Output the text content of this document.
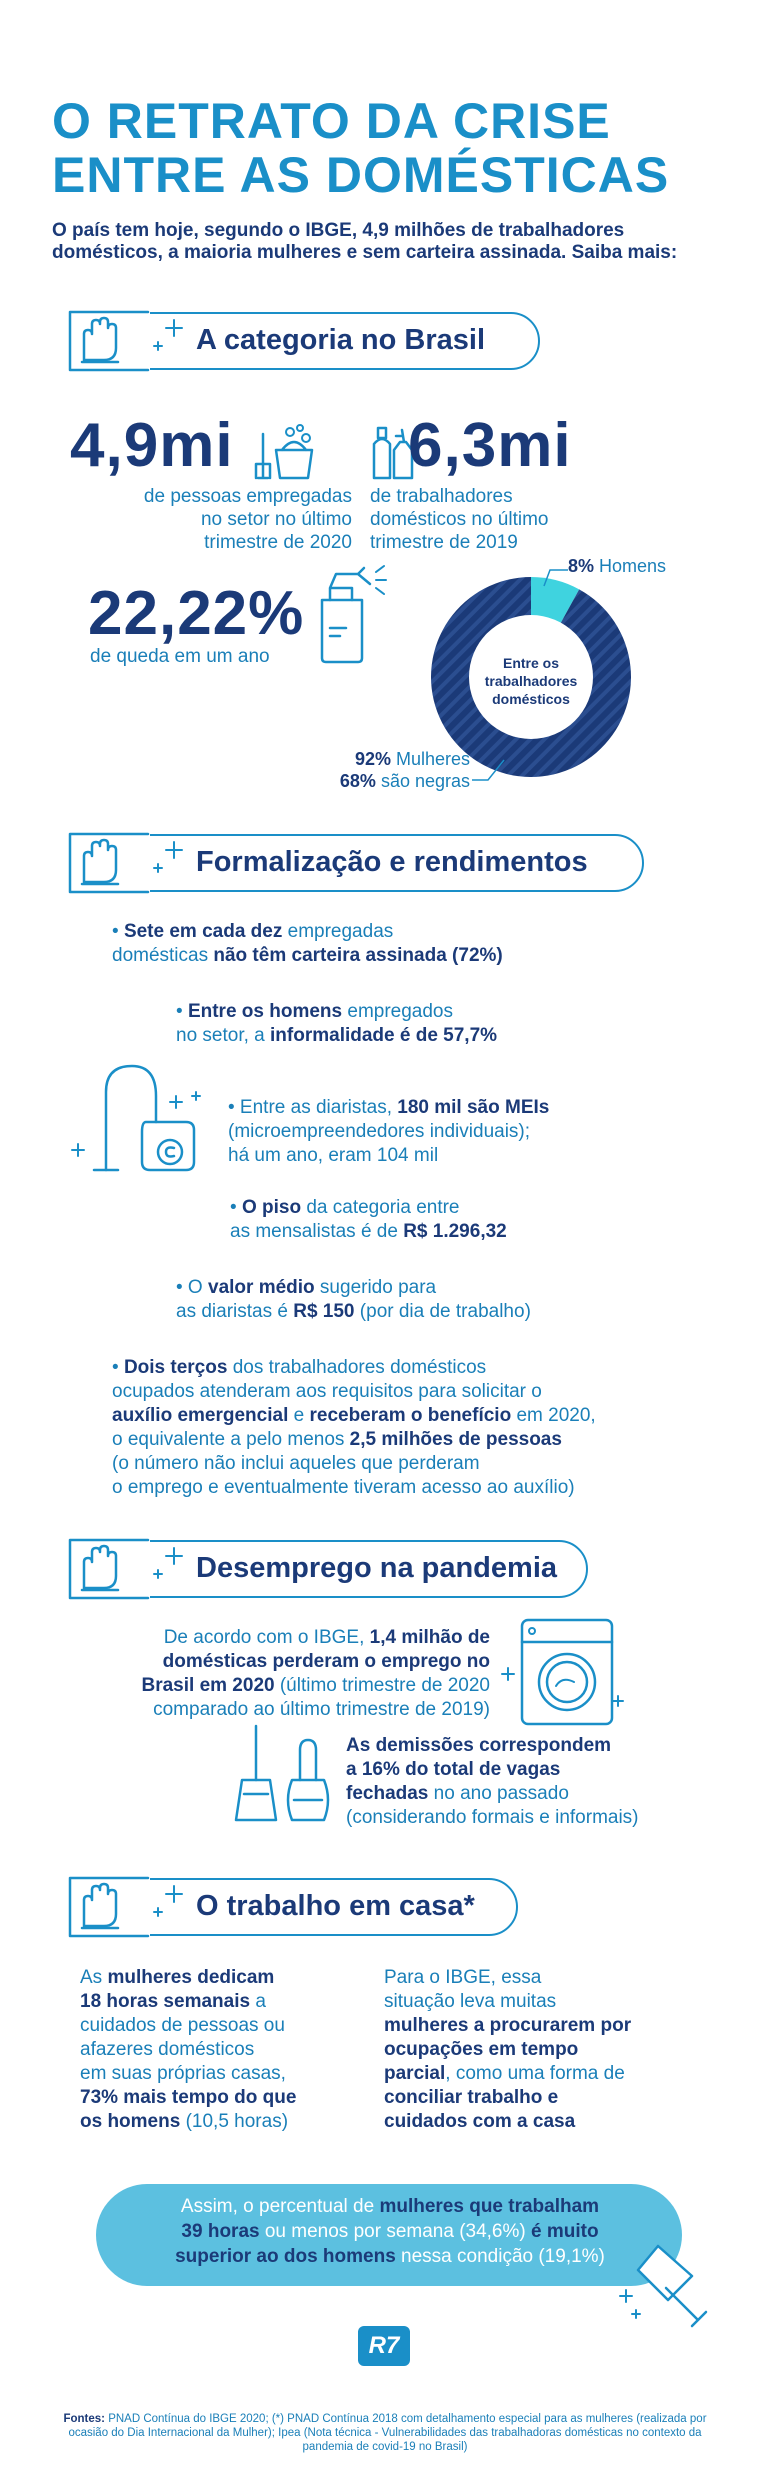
O RETRATO DA CRISE
ENTRE AS DOMÉSTICAS

O país tem hoje, segundo o IBGE, 4,9 milhões de trabalhadores domésticos, a maioria mulheres e sem carteira assinada. Saiba mais:

A categoria no Brasil
4,9mi
de pessoas empregadas
no setor no último
trimestre de 2020
6,3mi
de trabalhadores
domésticos no último
trimestre de 2019
22,22%
de queda em um ano	Entre os
trabalhadores
domésticos
8% Homens
92% Mulheres
68% são negras
Formalização e rendimentos
• Sete em cada dez empregadas
domésticas não têm carteira assinada (72%)
• Entre os homens empregados
no setor, a informalidade é de 57,7%
• Entre as diaristas, 180 mil são MEIs
(microempreendedores individuais);
há um ano, eram 104 mil
• O piso da categoria entre
as mensalistas é de R$ 1.296,32
• O valor médio sugerido para
as diaristas é R$ 150 (por dia de trabalho)
• Dois terços dos trabalhadores domésticos
ocupados atenderam aos requisitos para solicitar o
auxílio emergencial e receberam o benefício em 2020,
o equivalente a pelo menos 2,5 milhões de pessoas
(o número não inclui aqueles que perderam
o emprego e eventualmente tiveram acesso ao auxílio)
Desemprego na pandemia
De acordo com o IBGE, 1,4 milhão de
domésticas perderam o emprego no
Brasil em 2020 (último trimestre de 2020
comparado ao último trimestre de 2019)
As demissões correspondem
a 16% do total de vagas
fechadas no ano passado
(considerando formais e informais)
O trabalho em casa*
As mulheres dedicam
18 horas semanais a
cuidados de pessoas ou
afazeres domésticos
em suas próprias casas,
73% mais tempo do que
os homens (10,5 horas)
Para o IBGE, essa
situação leva muitas
mulheres a procurarem por
ocupações em tempo
parcial, como uma forma de
conciliar trabalho e
cuidados com a casa
Assim, o percentual de mulheres que trabalham
39 horas ou menos por semana (34,6%) é muito
superior ao dos homens nessa condição (19,1%)
R7
Fontes: PNAD Contínua do IBGE 2020; (*) PNAD Contínua 2018 com detalhamento especial para as mulheres (realizada por ocasião do Dia Internacional da Mulher); Ipea (Nota técnica - Vulnerabilidades das trabalhadoras domésticas no contexto da pandemia de covid-19 no Brasil)
